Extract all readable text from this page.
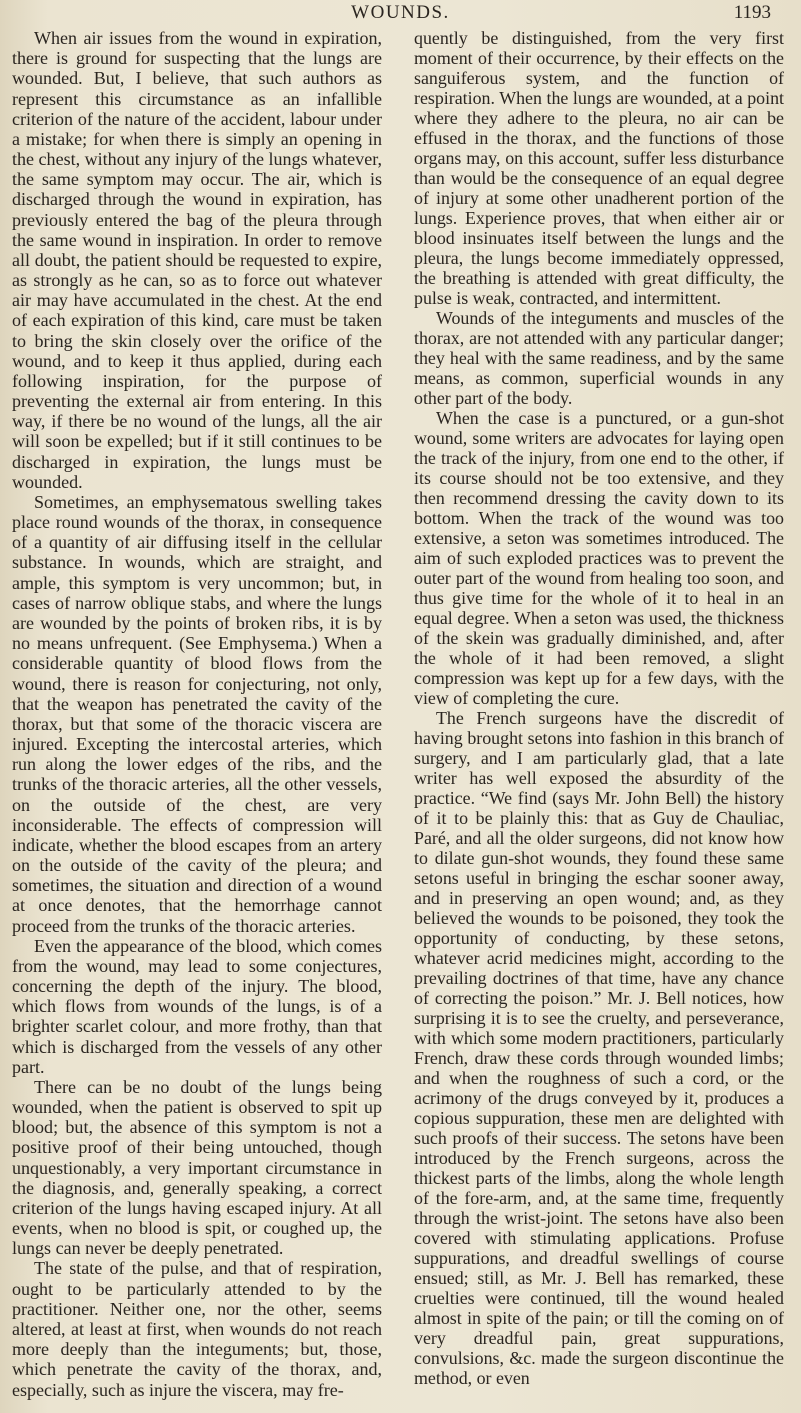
WOUNDS.	1193

When air issues from the wound in expiration, there is ground for suspecting that the lungs are wounded. But, I believe, that such authors as represent this circumstance as an infallible criterion of the nature of the accident, labour under a mistake; for when there is simply an opening in the chest, without any injury of the lungs whatever, the same symptom may occur. The air, which is discharged through the wound in expiration, has previously entered the bag of the pleura through the same wound in inspiration. In order to remove all doubt, the patient should be requested to expire, as strongly as he can, so as to force out whatever air may have accumulated in the chest. At the end of each expiration of this kind, care must be taken to bring the skin closely over the orifice of the wound, and to keep it thus applied, during each following inspiration, for the purpose of preventing the external air from entering. In this way, if there be no wound of the lungs, all the air will soon be expelled; but if it still continues to be discharged in expiration, the lungs must be wounded.

Sometimes, an emphysematous swelling takes place round wounds of the thorax, in consequence of a quantity of air diffusing itself in the cellular substance. In wounds, which are straight, and ample, this symptom is very uncommon; but, in cases of narrow oblique stabs, and where the lungs are wounded by the points of broken ribs, it is by no means unfrequent. (See Emphysema.) When a considerable quantity of blood flows from the wound, there is reason for conjecturing, not only, that the weapon has penetrated the cavity of the thorax, but that some of the thoracic viscera are injured. Excepting the intercostal arteries, which run along the lower edges of the ribs, and the trunks of the thoracic arteries, all the other vessels, on the outside of the chest, are very inconsiderable. The effects of compression will indicate, whether the blood escapes from an artery on the outside of the cavity of the pleura; and sometimes, the situation and direction of a wound at once denotes, that the hemorrhage cannot proceed from the trunks of the thoracic arteries.

Even the appearance of the blood, which comes from the wound, may lead to some conjectures, concerning the depth of the injury. The blood, which flows from wounds of the lungs, is of a brighter scarlet colour, and more frothy, than that which is discharged from the vessels of any other part.

There can be no doubt of the lungs being wounded, when the patient is observed to spit up blood; but, the absence of this symptom is not a positive proof of their being untouched, though unquestionably, a very important circumstance in the diagnosis, and, generally speaking, a correct criterion of the lungs having escaped injury. At all events, when no blood is spit, or coughed up, the lungs can never be deeply penetrated.

The state of the pulse, and that of respiration, ought to be particularly attended to by the practitioner. Neither one, nor the other, seems altered, at least at first, when wounds do not reach more deeply than the integuments; but, those, which penetrate the cavity of the thorax, and, especially, such as injure the viscera, may fre-

quently be distinguished, from the very first moment of their occurrence, by their effects on the sanguiferous system, and the function of respiration. When the lungs are wounded, at a point where they adhere to the pleura, no air can be effused in the thorax, and the functions of those organs may, on this account, suffer less disturbance than would be the consequence of an equal degree of injury at some other unadherent portion of the lungs. Experience proves, that when either air or blood insinuates itself between the lungs and the pleura, the lungs become immediately oppressed, the breathing is attended with great difficulty, the pulse is weak, contracted, and intermittent.

Wounds of the integuments and muscles of the thorax, are not attended with any particular danger; they heal with the same readiness, and by the same means, as common, superficial wounds in any other part of the body.

When the case is a punctured, or a gun-shot wound, some writers are advocates for laying open the track of the injury, from one end to the other, if its course should not be too extensive, and they then recommend dressing the cavity down to its bottom. When the track of the wound was too extensive, a seton was sometimes introduced. The aim of such exploded practices was to prevent the outer part of the wound from healing too soon, and thus give time for the whole of it to heal in an equal degree. When a seton was used, the thickness of the skein was gradually diminished, and, after the whole of it had been removed, a slight compression was kept up for a few days, with the view of completing the cure.

The French surgeons have the discredit of having brought setons into fashion in this branch of surgery, and I am particularly glad, that a late writer has well exposed the absurdity of the practice. “We find (says Mr. John Bell) the history of it to be plainly this: that as Guy de Chauliac, Paré, and all the older surgeons, did not know how to dilate gun-shot wounds, they found these same setons useful in bringing the eschar sooner away, and in preserving an open wound; and, as they believed the wounds to be poisoned, they took the opportunity of conducting, by these setons, whatever acrid medicines might, according to the prevailing doctrines of that time, have any chance of correcting the poison.” Mr. J. Bell notices, how surprising it is to see the cruelty, and perseverance, with which some modern practitioners, particularly French, draw these cords through wounded limbs; and when the roughness of such a cord, or the acrimony of the drugs conveyed by it, produces a copious suppuration, these men are delighted with such proofs of their success. The setons have been introduced by the French surgeons, across the thickest parts of the limbs, along the whole length of the fore-arm, and, at the same time, frequently through the wrist-joint. The setons have also been covered with stimulating applications. Profuse suppurations, and dreadful swellings of course ensued; still, as Mr. J. Bell has remarked, these cruelties were continued, till the wound healed almost in spite of the pain; or till the coming on of very dreadful pain, great suppurations, convulsions, &c. made the surgeon discontinue the method, or even
